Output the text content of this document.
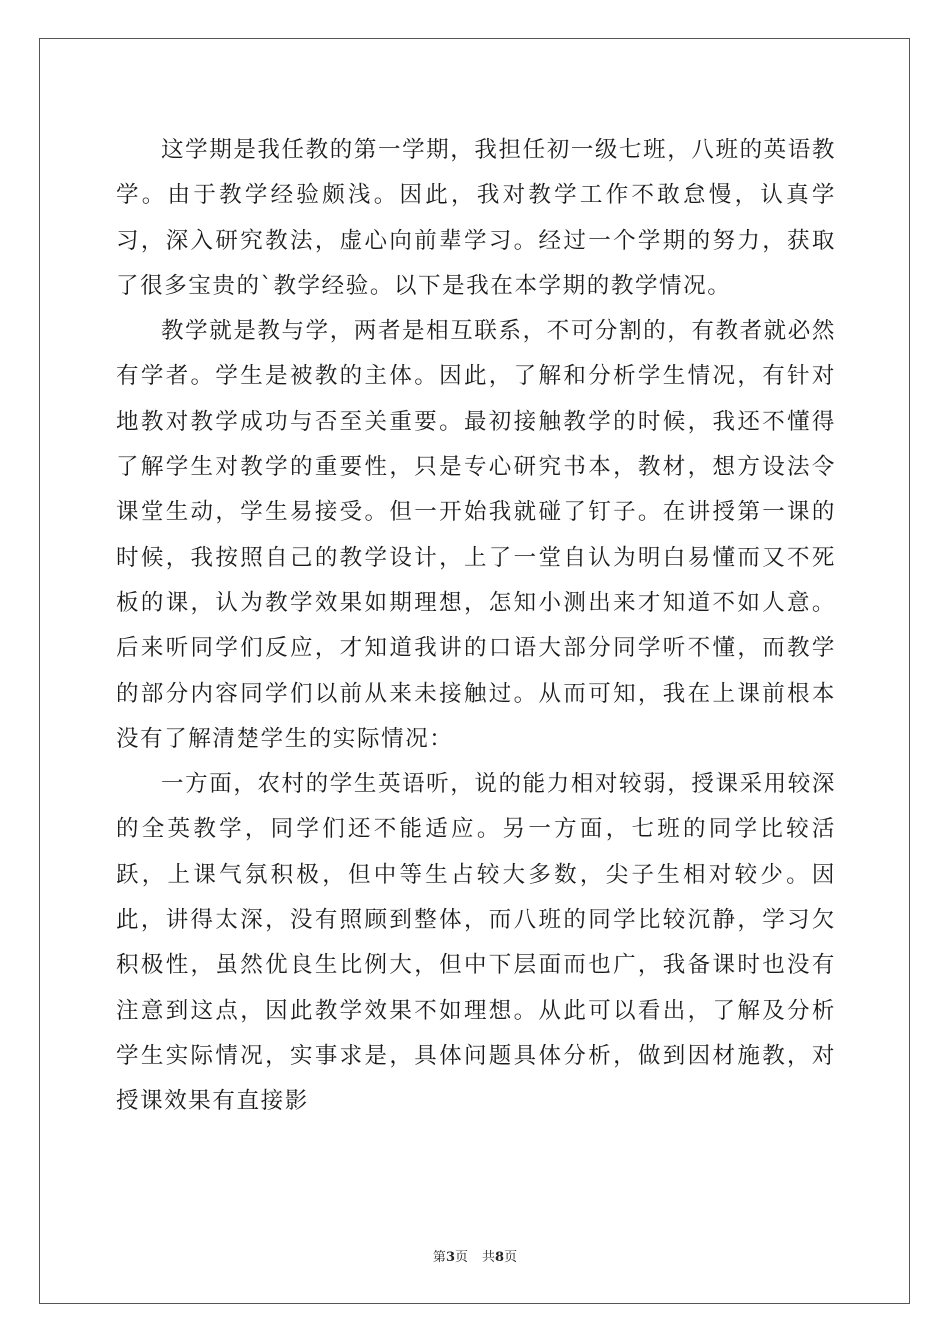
这学期是我任教的第一学期，我担任初一级七班，八班的英语教学。由于教学经验颇浅。因此，我对教学工作不敢怠慢，认真学习，深入研究教法，虚心向前辈学习。经过一个学期的努力，获取了很多宝贵的`教学经验。以下是我在本学期的教学情况。

教学就是教与学，两者是相互联系，不可分割的，有教者就必然有学者。学生是被教的主体。因此，了解和分析学生情况，有针对地教对教学成功与否至关重要。最初接触教学的时候，我还不懂得了解学生对教学的重要性，只是专心研究书本，教材，想方设法令课堂生动，学生易接受。但一开始我就碰了钉子。在讲授第一课的时候，我按照自己的教学设计，上了一堂自认为明白易懂而又不死板的课，认为教学效果如期理想，怎知小测出来才知道不如人意。后来听同学们反应，才知道我讲的口语大部分同学听不懂，而教学的部分内容同学们以前从来未接触过。从而可知，我在上课前根本没有了解清楚学生的实际情况：

一方面，农村的学生英语听，说的能力相对较弱，授课采用较深的全英教学，同学们还不能适应。另一方面，七班的同学比较活跃，上课气氛积极，但中等生占较大多数，尖子生相对较少。因此，讲得太深，没有照顾到整体，而八班的同学比较沉静，学习欠积极性，虽然优良生比例大，但中下层面而也广，我备课时也没有注意到这点，因此教学效果不如理想。从此可以看出，了解及分析学生实际情况，实事求是，具体问题具体分析，做到因材施教，对授课效果有直接影

第3页 共8页
